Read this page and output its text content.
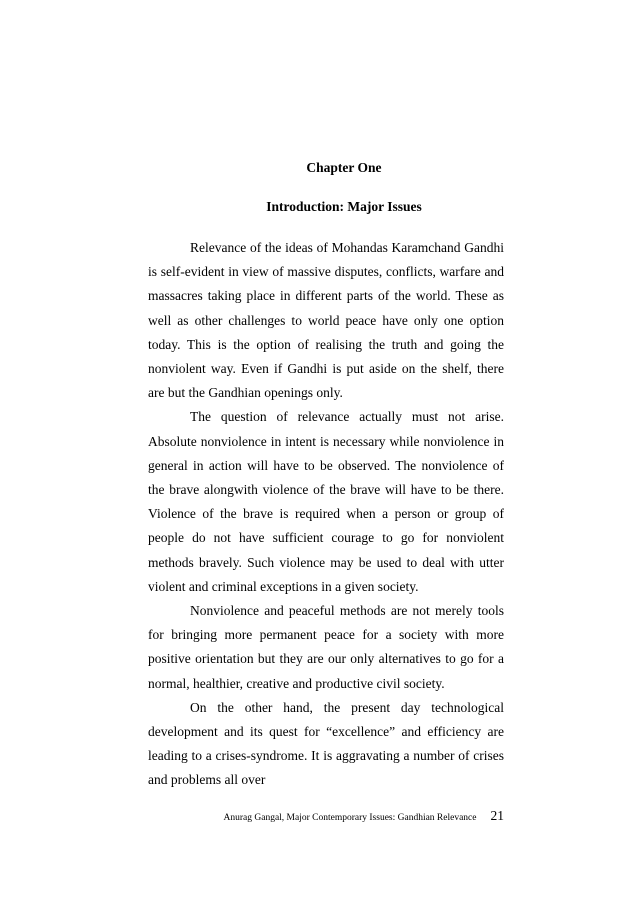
Chapter One
Introduction: Major Issues

Relevance of the ideas of Mohandas Karamchand Gandhi is self-evident in view of massive disputes, conflicts, warfare and massacres taking place in different parts of the world. These as well as other challenges to world peace have only one option today. This is the option of realising the truth and going the nonviolent way. Even if Gandhi is put aside on the shelf, there are but the Gandhian openings only.

The question of relevance actually must not arise. Absolute nonviolence in intent is necessary while nonviolence in general in action will have to be observed. The nonviolence of the brave alongwith violence of the brave will have to be there. Violence of the brave is required when a person or group of people do not have sufficient courage to go for nonviolent methods bravely. Such violence may be used to deal with utter violent and criminal exceptions in a given society.

Nonviolence and peaceful methods are not merely tools for bringing more permanent peace for a society with more positive orientation but they are our only alternatives to go for a normal, healthier, creative and productive civil society.

On the other hand, the present day technological development and its quest for “excellence” and efficiency are leading to a crises-syndrome. It is aggravating a number of crises and problems all over

Anurag Gangal, Major Contemporary Issues: Gandhian Relevance 21
